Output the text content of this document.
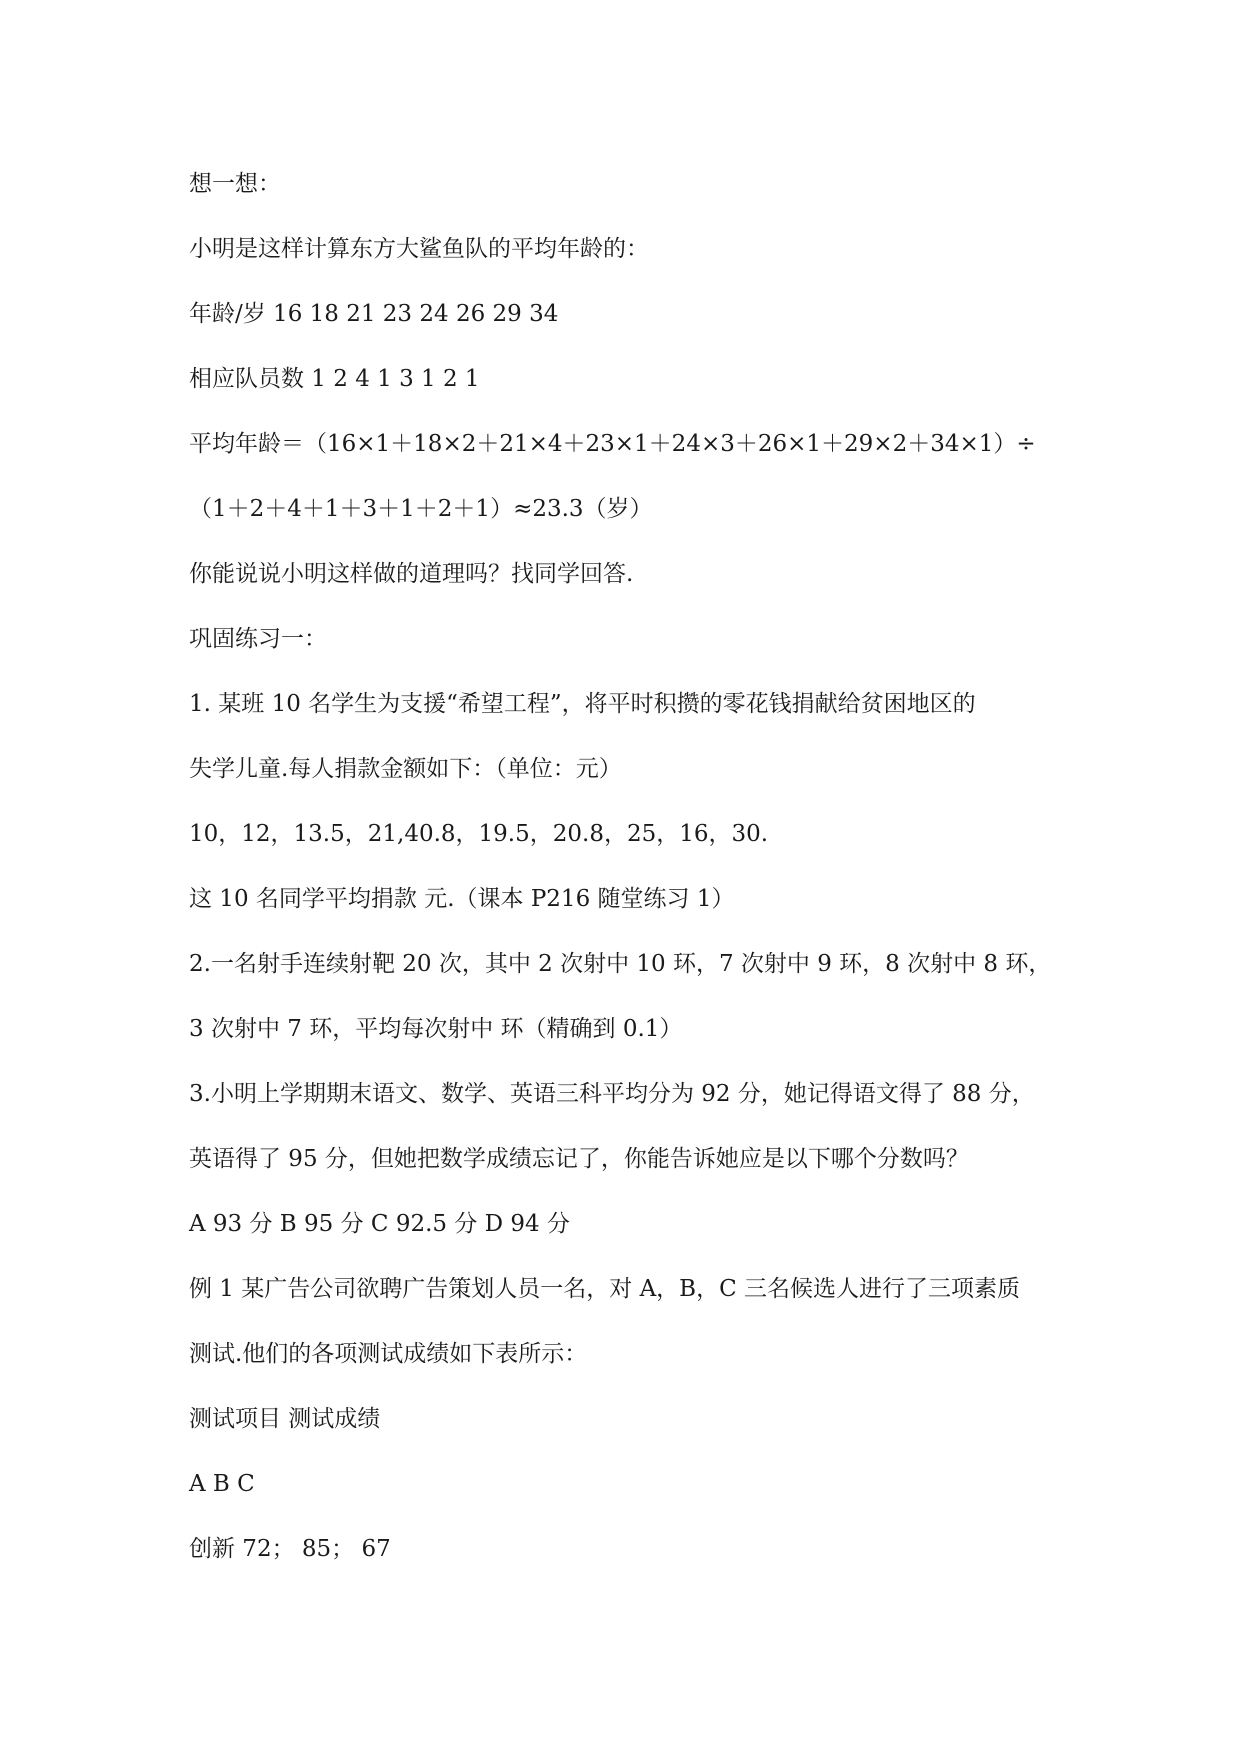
想一想：
小明是这样计算东方大鲨鱼队的平均年龄的：
年龄/岁 16 18 21 23 24 26 29 34
相应队员数 1 2 4 1 3 1 2 1
平均年龄＝（16×1＋18×2＋21×4＋23×1＋24×3＋26×1＋29×2＋34×1）÷
（1＋2＋4＋1＋3＋1＋2＋1）≈23.3（岁）
你能说说小明这样做的道理吗？找同学回答.
巩固练习一：
1. 某班 10 名学生为支援“希望工程”，将平时积攒的零花钱捐献给贫困地区的
失学儿童.每人捐款金额如下：（单位：元）
10，12，13.5，21,40.8，19.5，20.8，25，16，30.
这 10 名同学平均捐款 元.（课本 P216 随堂练习 1）
2.一名射手连续射靶 20 次，其中 2 次射中 10 环，7 次射中 9 环，8 次射中 8 环，
3 次射中 7 环，平均每次射中 环（精确到 0.1）
3.小明上学期期末语文、数学、英语三科平均分为 92 分，她记得语文得了 88 分，
英语得了 95 分，但她把数学成绩忘记了，你能告诉她应是以下哪个分数吗？
A 93 分 B 95 分 C 92.5 分 D 94 分
例 1 某广告公司欲聘广告策划人员一名，对 A，B，C 三名候选人进行了三项素质
测试.他们的各项测试成绩如下表所示：
测试项目 测试成绩
A B C
创新 72； 85； 67
